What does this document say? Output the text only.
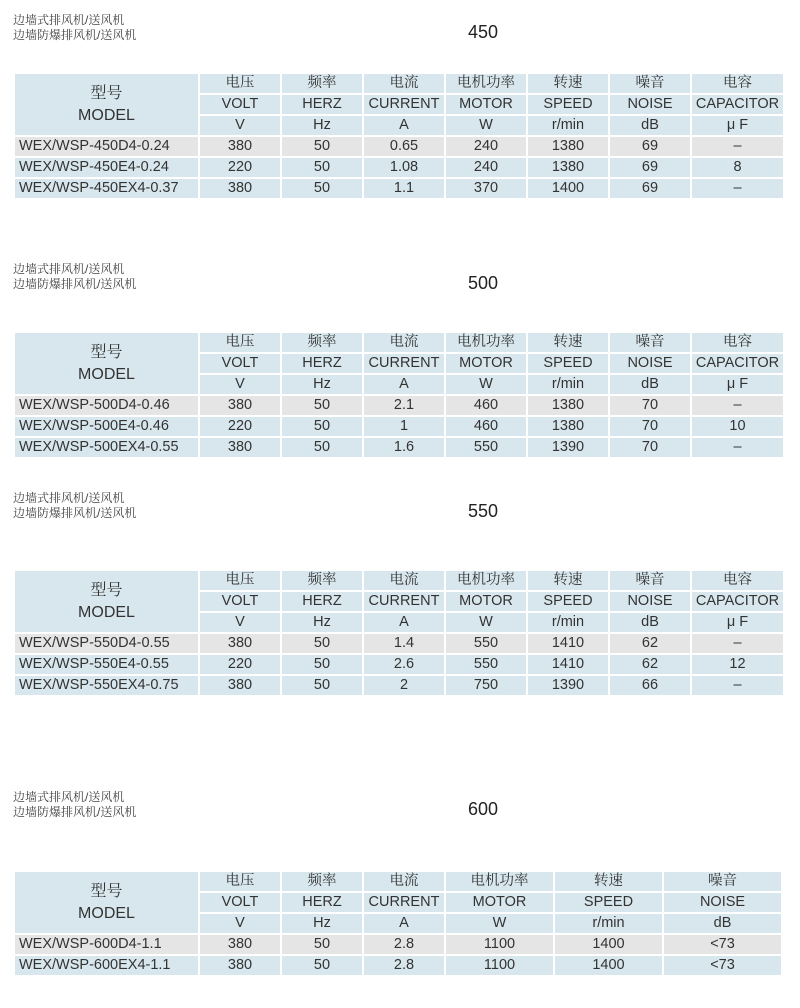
边墙式排风机/送风机
边墙防爆排风机/送风机	450
型号
MODEL	电压	频率	电流	电机功率	转速	噪音	电容
	VOLT	HERZ	CURRENT	MOTOR	SPEED	NOISE	CAPACITOR
	V	Hz	A	W	r/min	dB	μ F
WEX/WSP-450D4-0.24	380	50	0.65	240	1380	69	–
WEX/WSP-450E4-0.24	220	50	1.08	240	1380	69	8
WEX/WSP-450EX4-0.37	380	50	1.1	370	1400	69	–
边墙式排风机/送风机
边墙防爆排风机/送风机	500
型号
MODEL	电压	频率	电流	电机功率	转速	噪音	电容
	VOLT	HERZ	CURRENT	MOTOR	SPEED	NOISE	CAPACITOR
	V	Hz	A	W	r/min	dB	μ F
WEX/WSP-500D4-0.46	380	50	2.1	460	1380	70	–
WEX/WSP-500E4-0.46	220	50	1	460	1380	70	10
WEX/WSP-500EX4-0.55	380	50	1.6	550	1390	70	–
边墙式排风机/送风机
边墙防爆排风机/送风机	550
型号
MODEL	电压	频率	电流	电机功率	转速	噪音	电容
	VOLT	HERZ	CURRENT	MOTOR	SPEED	NOISE	CAPACITOR
	V	Hz	A	W	r/min	dB	μ F
WEX/WSP-550D4-0.55	380	50	1.4	550	1410	62	–
WEX/WSP-550E4-0.55	220	50	2.6	550	1410	62	12
WEX/WSP-550EX4-0.75	380	50	2	750	1390	66	–
边墙式排风机/送风机
边墙防爆排风机/送风机	600
型号
MODEL	电压	频率	电流	电机功率	转速	噪音
	VOLT	HERZ	CURRENT	MOTOR	SPEED	NOISE
	V	Hz	A	W	r/min	dB
WEX/WSP-600D4-1.1	380	50	2.8	1100	1400	<73
WEX/WSP-600EX4-1.1	380	50	2.8	1100	1400	<73
